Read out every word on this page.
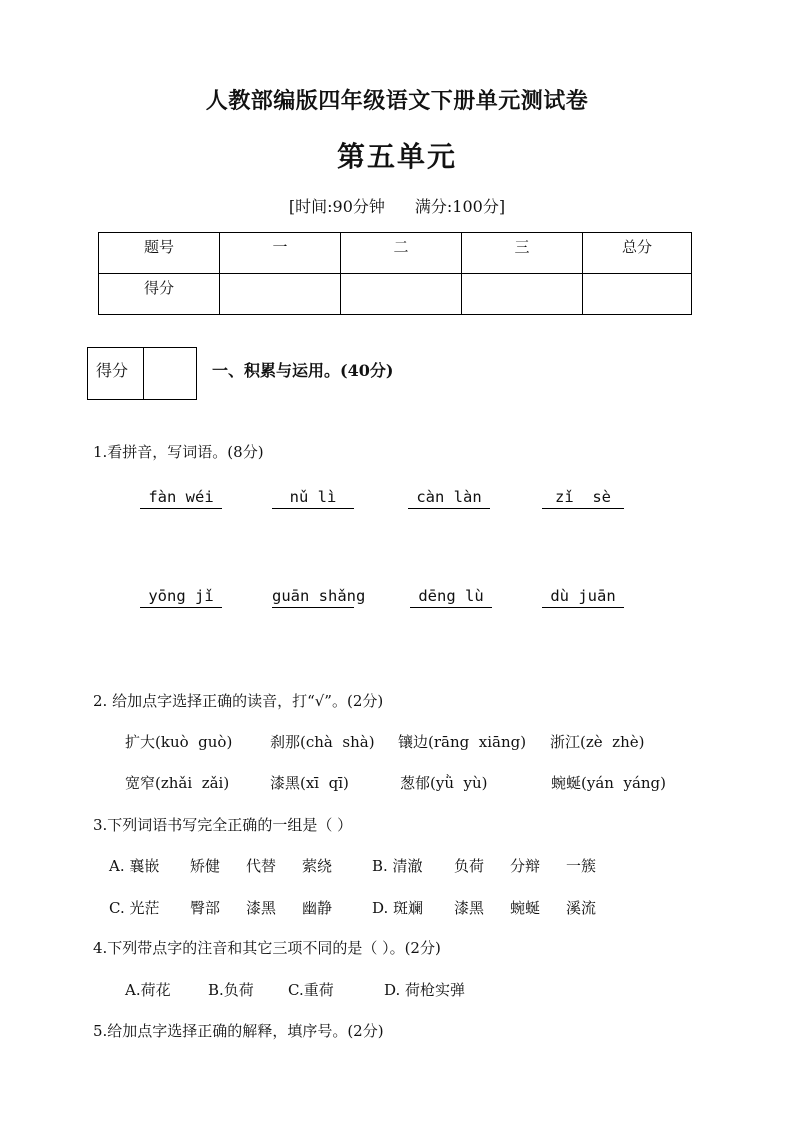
人教部编版四年级语文下册单元测试卷
第五单元
[时间:90分钟 满分:100分]
题号	一	二	三	总分
得分				
得分	一、积累与运用。(40分)
1.看拼音，写词语。(8分)
fàn wéi	nǔ lì	càn làn	zǐ  sè
yōng jǐ	guān shǎng	dēng lù	dù juān
2. 给加点字选择正确的读音，打“√”。(2分)
扩大(kuò  guò)	刹那(chà  shà) 镶边(rāng  xiāng) 浙江(zè  zhè)
宽窄(zhǎi  zǎi)	漆黑(xī  qī)	葱郁(yǜ  yù)	蜿蜒(yán  yáng)
3.下列词语书写完全正确的一组是（ ）
A. 襄嵌 矫健 代替 萦绕	B. 清澈 负荷 分辩 一簇
C. 光茫 臀部 漆黑 幽静	D. 斑斓 漆黑 蜿蜒 溪流
4.下列带点字的注音和其它三项不同的是（ ）。(2分)
A.荷花 B.负荷 C.重荷	D. 荷枪实弹
5.给加点字选择正确的解释，填序号。(2分)
